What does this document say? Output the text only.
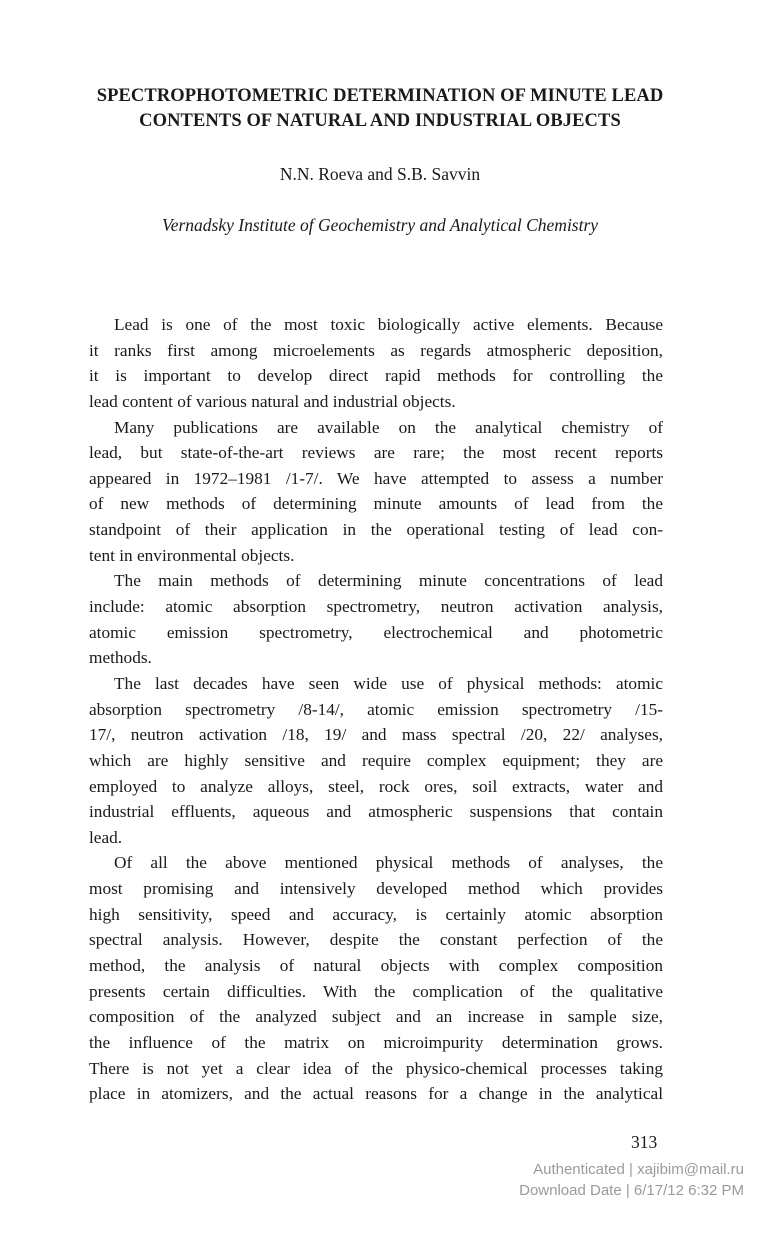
SPECTROPHOTOMETRIC DETERMINATION OF MINUTE LEAD
CONTENTS OF NATURAL AND INDUSTRIAL OBJECTS
N.N. Roeva and S.B. Savvin
Vernadsky Institute of Geochemistry and Analytical Chemistry
Lead is one of the most toxic biologically active elements. Because
it ranks first among microelements as regards atmospheric deposition,
it is important to develop direct rapid methods for controlling the
lead content of various natural and industrial objects.
Many publications are available on the analytical chemistry of
lead, but state-of-the-art reviews are rare; the most recent reports
appeared in 1972–1981 /1-7/. We have attempted to assess a number
of new methods of determining minute amounts of lead from the
standpoint of their application in the operational testing of lead con-
tent in environmental objects.
The main methods of determining minute concentrations of lead
include: atomic absorption spectrometry, neutron activation analysis,
atomic emission spectrometry, electrochemical and photometric
methods.
The last decades have seen wide use of physical methods: atomic
absorption spectrometry /8-14/, atomic emission spectrometry /15-
17/, neutron activation /18, 19/ and mass spectral /20, 22/ analyses,
which are highly sensitive and require complex equipment; they are
employed to analyze alloys, steel, rock ores, soil extracts, water and
industrial effluents, aqueous and atmospheric suspensions that contain
lead.
Of all the above mentioned physical methods of analyses, the
most promising and intensively developed method which provides
high sensitivity, speed and accuracy, is certainly atomic absorption
spectral analysis. However, despite the constant perfection of the
method, the analysis of natural objects with complex composition
presents certain difficulties. With the complication of the qualitative
composition of the analyzed subject and an increase in sample size,
the influence of the matrix on microimpurity determination grows.
There is not yet a clear idea of the physico-chemical processes taking
place in atomizers, and the actual reasons for a change in the analytical
313
Authenticated | xajibim@mail.ru
Download Date | 6/17/12 6:32 PM
